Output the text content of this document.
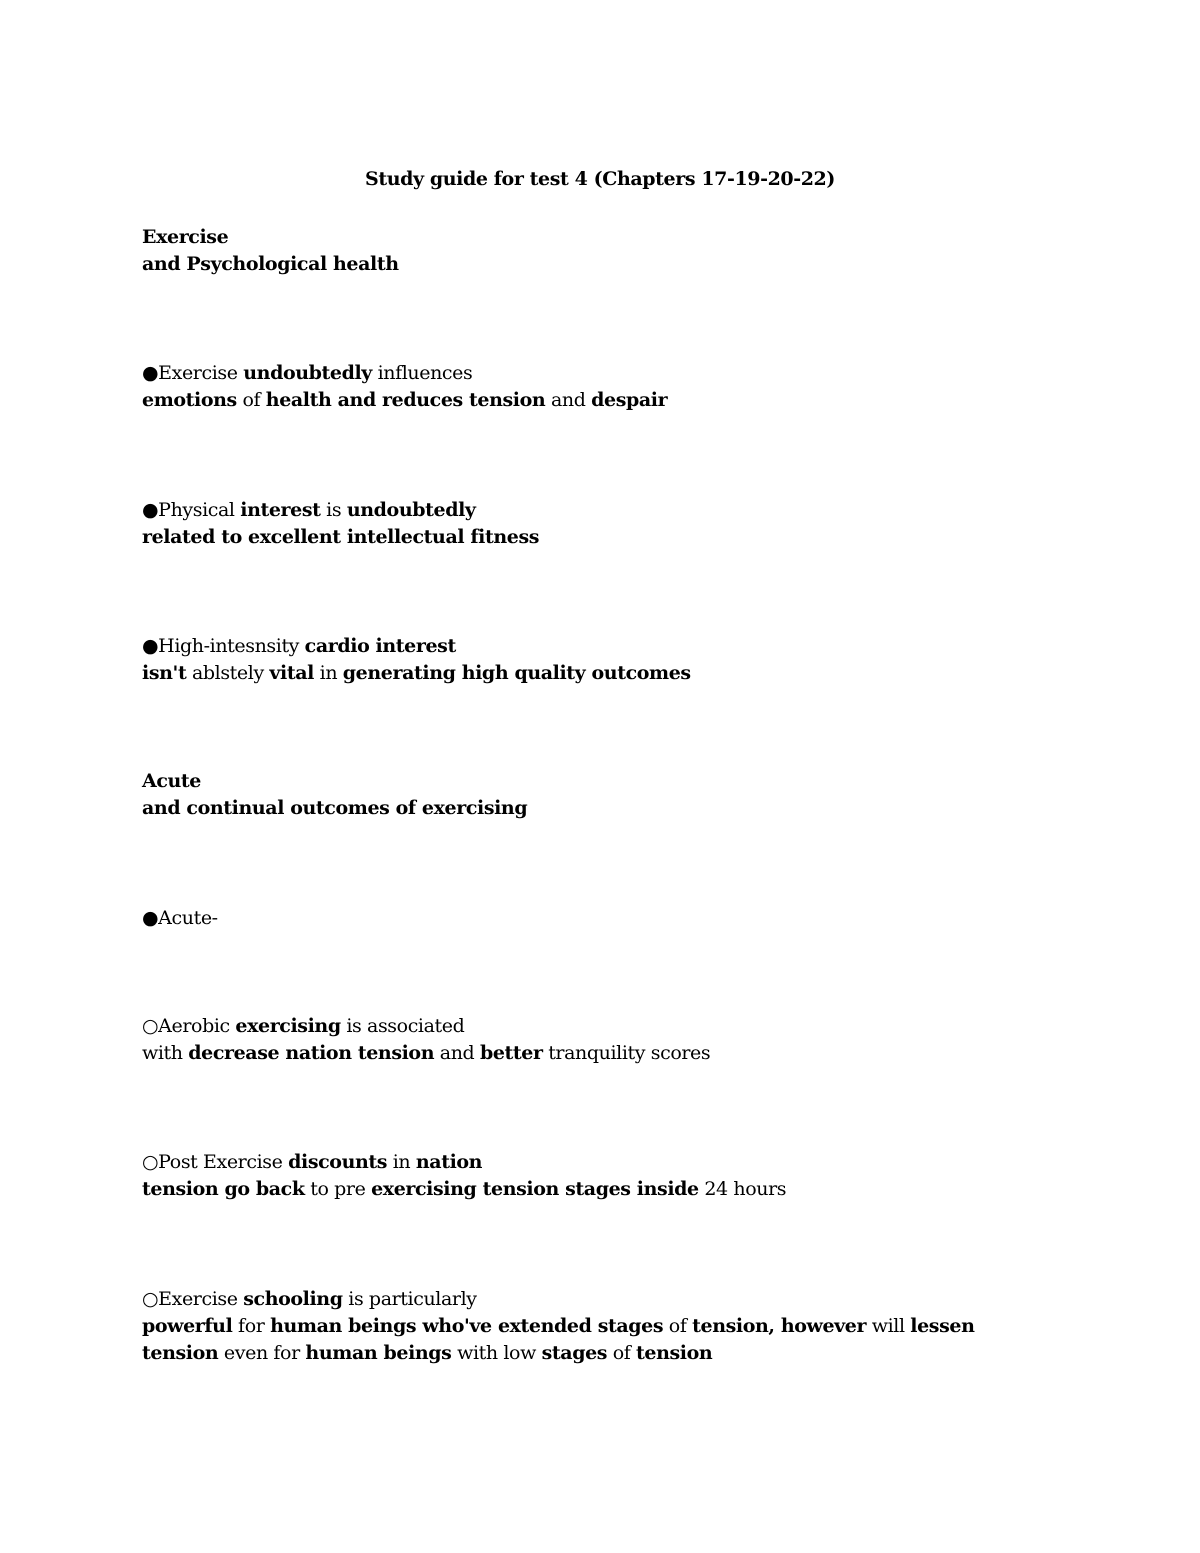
Study guide for test 4 (Chapters 17-19-20-22)
Exercise
and Psychological health
●Exercise undoubtedly influences
emotions of health and reduces tension and despair
●Physical interest is undoubtedly
related to excellent intellectual fitness
●High-intesnsity cardio interest
isn't ablstely vital in generating high quality outcomes
Acute
and continual outcomes of exercising
●Acute-
○Aerobic exercising is associated
with decrease nation tension and better tranquility scores
○Post Exercise discounts in nation
tension go back to pre exercising tension stages inside 24 hours
○Exercise schooling is particularly
powerful for human beings who've extended stages of tension, however will lessen
tension even for human beings with low stages of tension
